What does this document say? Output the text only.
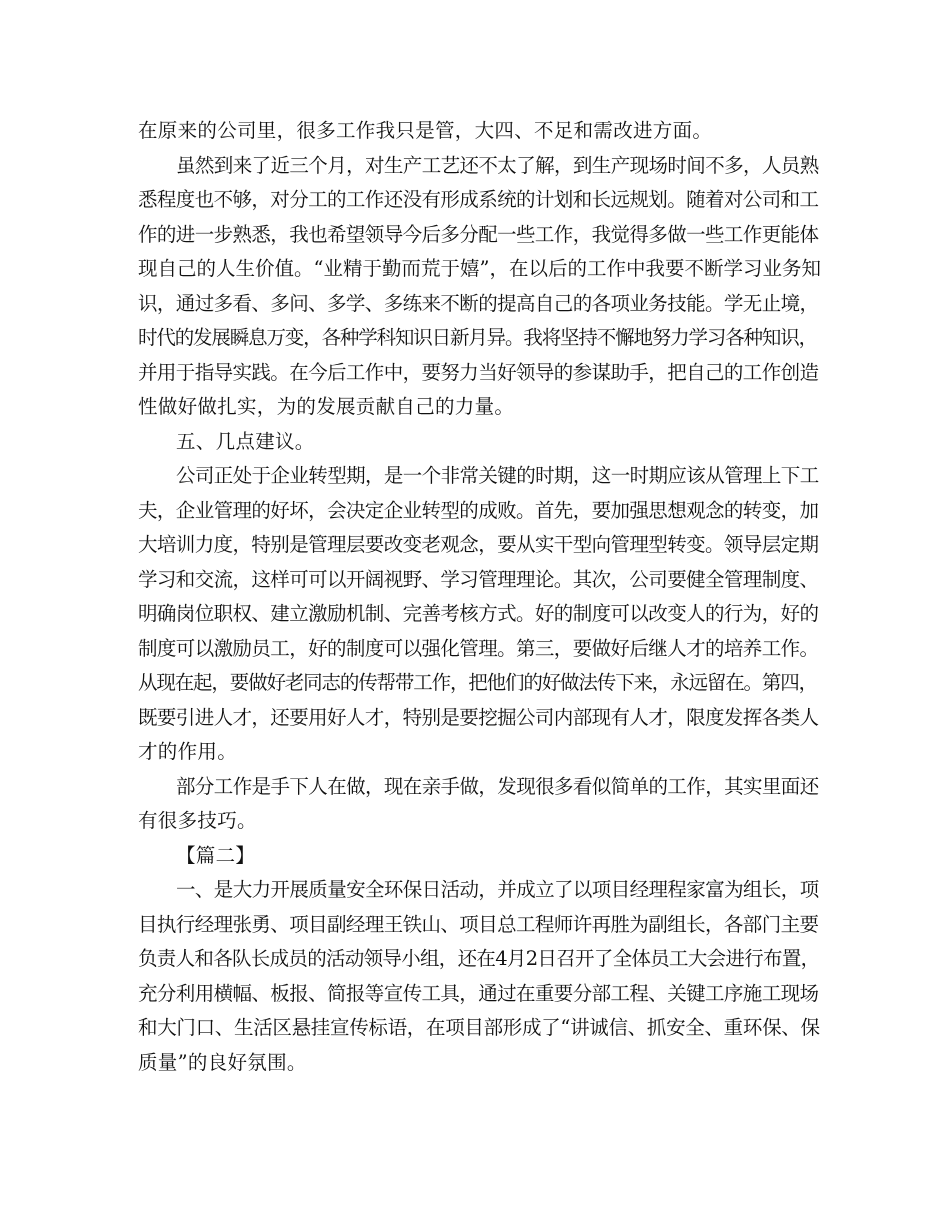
在原来的公司里，很多工作我只是管，大四、不足和需改进方面。

虽然到来了近三个月，对生产工艺还不太了解，到生产现场时间不多，人员熟
悉程度也不够，对分工的工作还没有形成系统的计划和长远规划。随着对公司和工
作的进一步熟悉，我也希望领导今后多分配一些工作，我觉得多做一些工作更能体
现自己的人生价值。“业精于勤而荒于嬉”，在以后的工作中我要不断学习业务知
识，通过多看、多问、多学、多练来不断的提高自己的各项业务技能。学无止境，
时代的发展瞬息万变，各种学科知识日新月异。我将坚持不懈地努力学习各种知识，
并用于指导实践。在今后工作中，要努力当好领导的参谋助手，把自己的工作创造
性做好做扎实，为的发展贡献自己的力量。

五、几点建议。

公司正处于企业转型期，是一个非常关键的时期，这一时期应该从管理上下工
夫，企业管理的好坏，会决定企业转型的成败。首先，要加强思想观念的转变，加
大培训力度，特别是管理层要改变老观念，要从实干型向管理型转变。领导层定期
学习和交流，这样可可以开阔视野、学习管理理论。其次，公司要健全管理制度、
明确岗位职权、建立激励机制、完善考核方式。好的制度可以改变人的行为，好的
制度可以激励员工，好的制度可以强化管理。第三，要做好后继人才的培养工作。
从现在起，要做好老同志的传帮带工作，把他们的好做法传下来，永远留在。第四，
既要引进人才，还要用好人才，特别是要挖掘公司内部现有人才，限度发挥各类人
才的作用。

部分工作是手下人在做，现在亲手做，发现很多看似简单的工作，其实里面还
有很多技巧。

【篇二】

一、是大力开展质量安全环保日活动，并成立了以项目经理程家富为组长，项
目执行经理张勇、项目副经理王铁山、项目总工程师许再胜为副组长，各部门主要
负责人和各队长成员的活动领导小组，还在4月2日召开了全体员工大会进行布置，
充分利用横幅、板报、简报等宣传工具，通过在重要分部工程、关键工序施工现场
和大门口、生活区悬挂宣传标语，在项目部形成了“讲诚信、抓安全、重环保、保
质量”的良好氛围。
